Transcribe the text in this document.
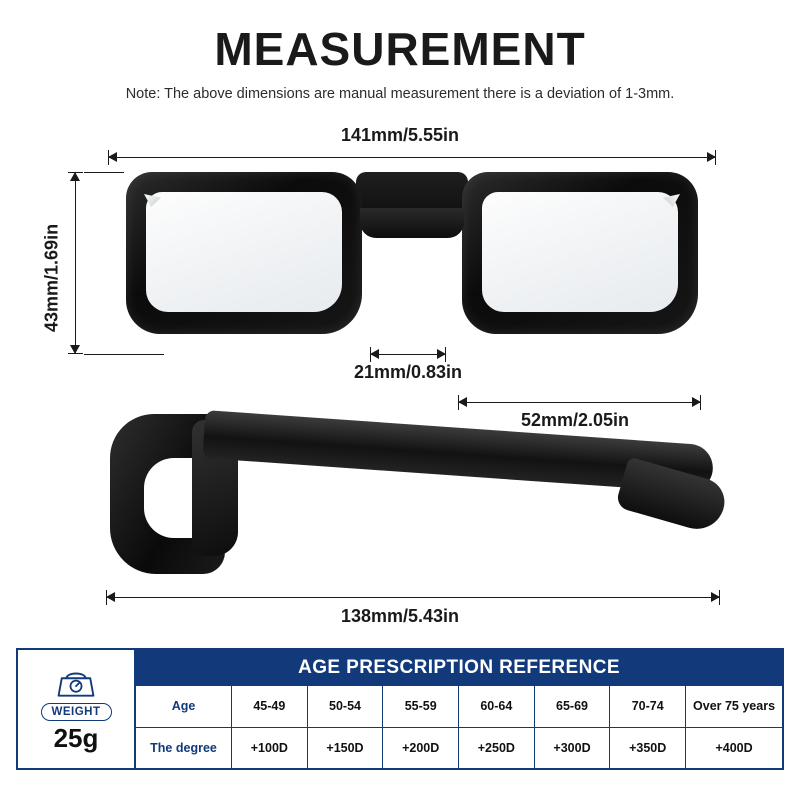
MEASUREMENT
Note: The above dimensions are manual measurement there is a deviation of 1-3mm.
141mm/5.55in
43mm/1.69in
21mm/0.83in
52mm/2.05in
138mm/5.43in
WEIGHT
25g
AGE PRESCRIPTION REFERENCE
Age	45-49	50-54	55-59	60-64	65-69	70-74	Over 75 years
The degree	+100D	+150D	+200D	+250D	+300D	+350D	+400D
